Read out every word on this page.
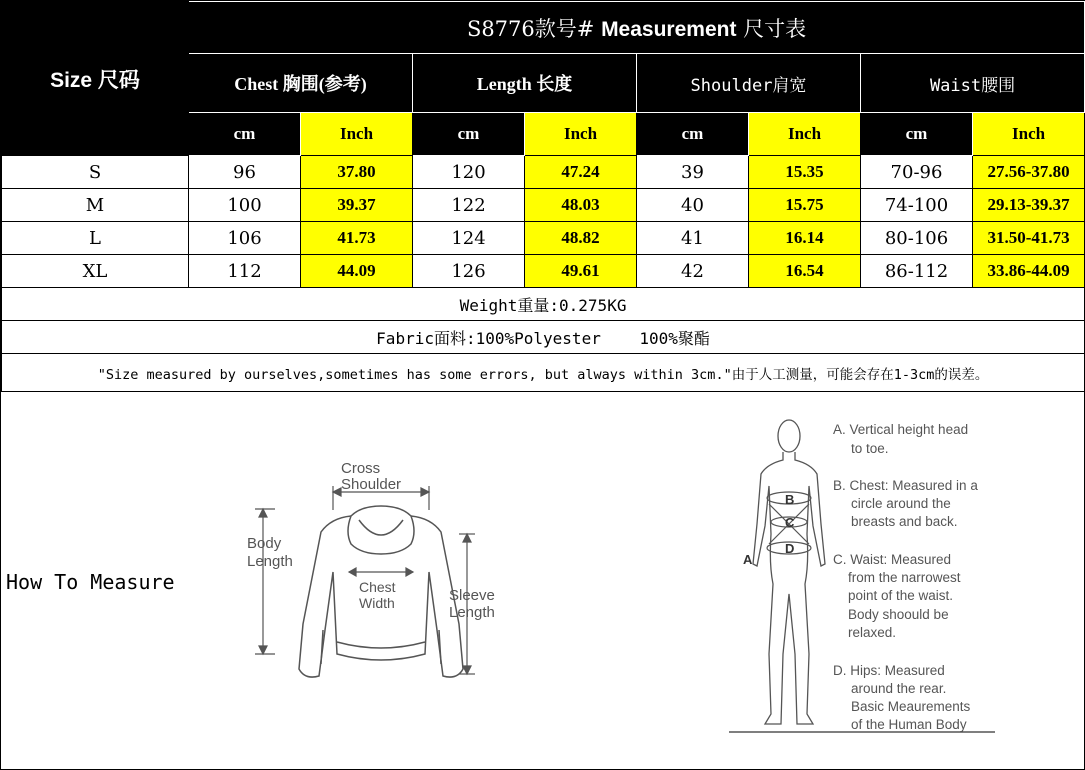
Size 尺码	S8776款号# Measurement 尺寸表							
	Chest 胸围(参考)		Length 长度		Shoulder肩宽		Waist腰围	
	cm	Inch	cm	Inch	cm	Inch	cm	Inch
S	96	37.80	120	47.24	39	15.35	70-96	27.56-37.80
M	100	39.37	122	48.03	40	15.75	74-100	29.13-39.37
L	106	41.73	124	48.82	41	16.14	80-106	31.50-41.73
XL	112	44.09	126	49.61	42	16.54	86-112	33.86-44.09
Weight重量:0.275KG								
Fabric面料:100%Polyester    100%聚酯								
"Size measured by ourselves,sometimes has some errors, but always within 3cm."由于人工测量，可能会存在1-3cm的误差。								
How To Measure
Cross
Shoulder
Body
Length
Chest
Width	Sleeve
Length
B
C
D
A
A. Vertical height head
to toe.
B. Chest: Measured in a
circle around the
breasts and back.
C. Waist: Measured
from the narrowest
point of the waist.
Body shoould be
relaxed.
D. Hips: Measured
around the rear.
Basic Meaurements
of the Human Body
